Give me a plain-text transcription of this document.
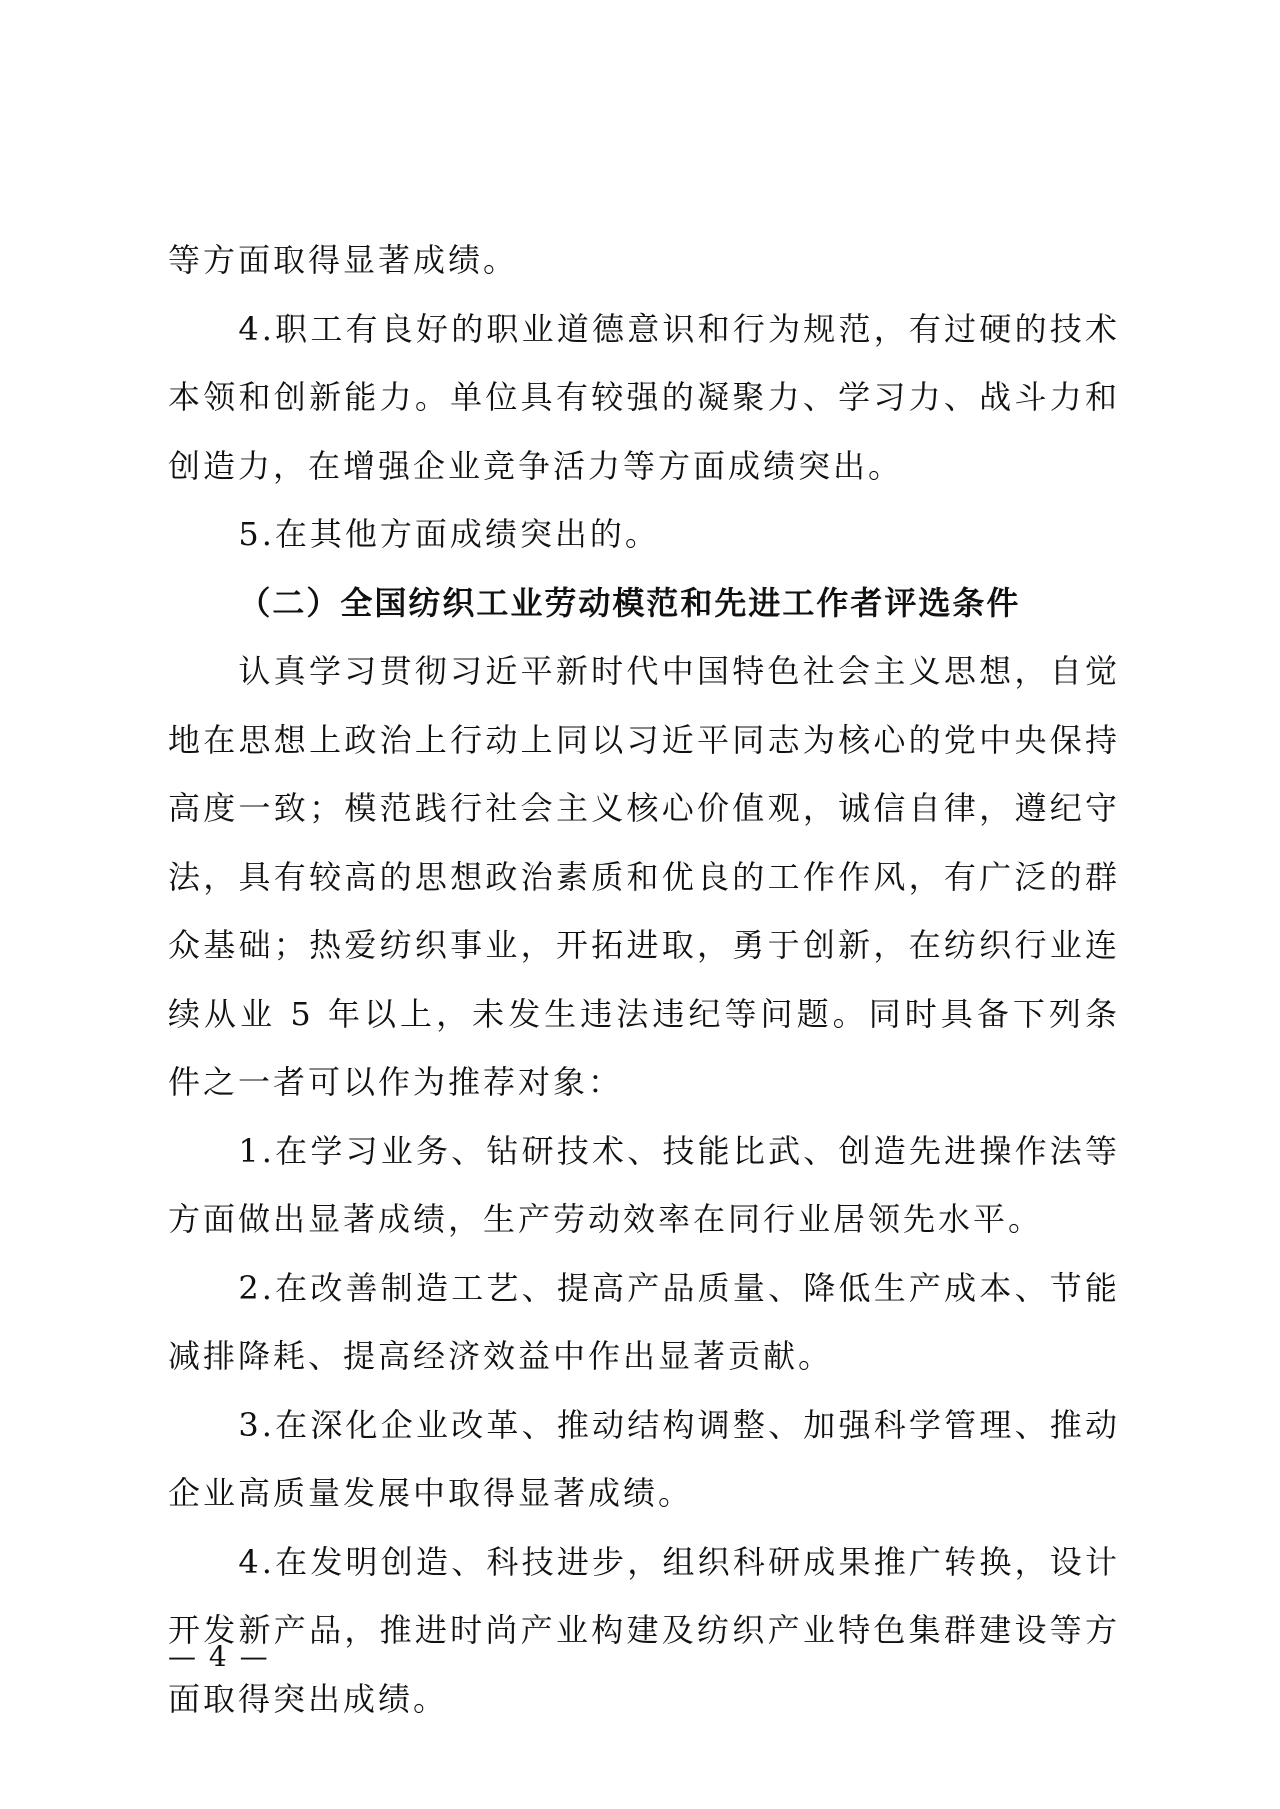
等方面取得显著成绩。

4.职工有良好的职业道德意识和行为规范，有过硬的技术本领和创新能力。单位具有较强的凝聚力、学习力、战斗力和创造力，在增强企业竞争活力等方面成绩突出。

5.在其他方面成绩突出的。

（二）全国纺织工业劳动模范和先进工作者评选条件

认真学习贯彻习近平新时代中国特色社会主义思想，自觉地在思想上政治上行动上同以习近平同志为核心的党中央保持高度一致；模范践行社会主义核心价值观，诚信自律，遵纪守法，具有较高的思想政治素质和优良的工作作风，有广泛的群众基础；热爱纺织事业，开拓进取，勇于创新，在纺织行业连续从业 5 年以上，未发生违法违纪等问题。同时具备下列条件之一者可以作为推荐对象：

1.在学习业务、钻研技术、技能比武、创造先进操作法等方面做出显著成绩，生产劳动效率在同行业居领先水平。

2.在改善制造工艺、提高产品质量、降低生产成本、节能减排降耗、提高经济效益中作出显著贡献。

3.在深化企业改革、推动结构调整、加强科学管理、推动企业高质量发展中取得显著成绩。

4.在发明创造、科技进步，组织科研成果推广转换，设计开发新产品，推进时尚产业构建及纺织产业特色集群建设等方面取得突出成绩。

— 4 —
